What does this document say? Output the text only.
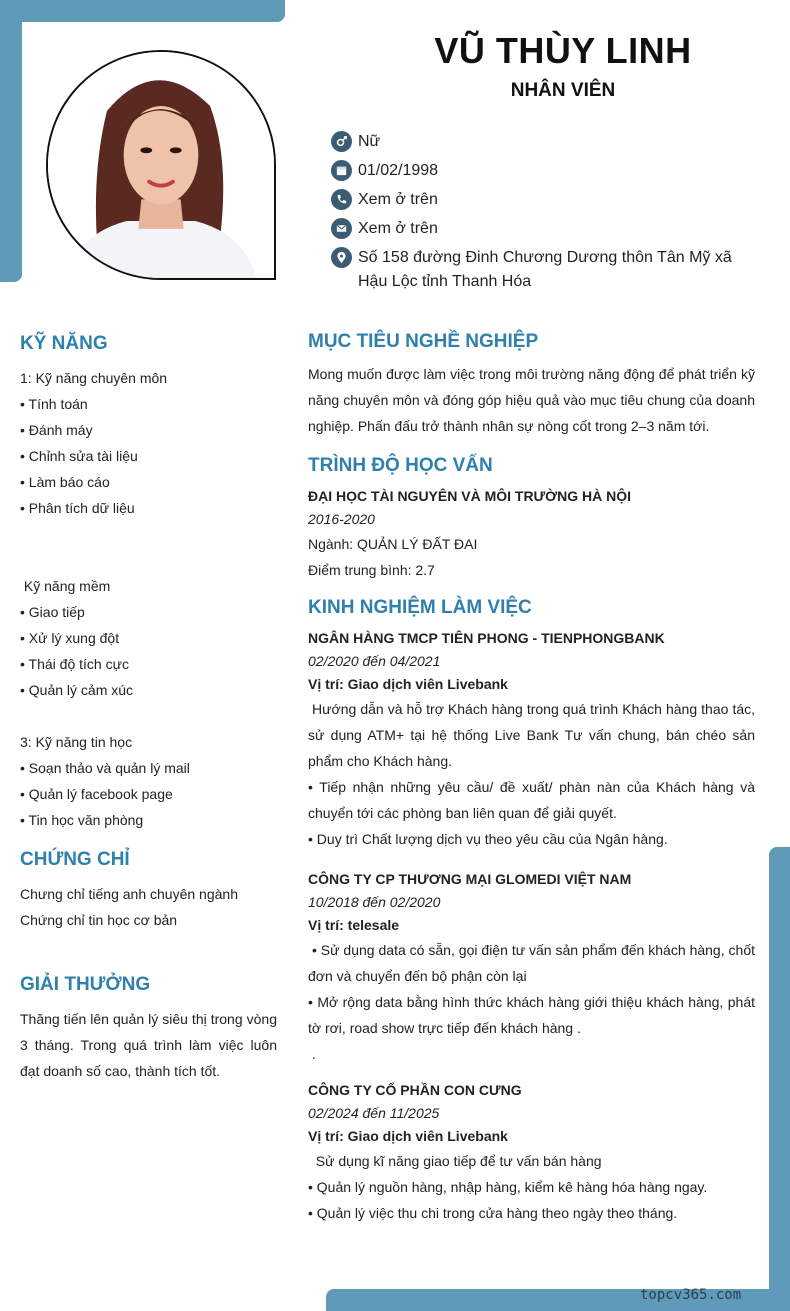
VŨ THÙY LINH
NHÂN VIÊN
Nữ
01/02/1998
Xem ở trên
Xem ở trên
Số 158 đường Đinh Chương Dương thôn Tân Mỹ xã Hậu Lộc tỉnh Thanh Hóa
KỸ NĂNG
1: Kỹ năng chuyên môn
• Tính toán
• Đánh máy
• Chỉnh sửa tài liệu
• Làm báo cáo
• Phân tích dữ liệu
Kỹ năng mềm
• Giao tiếp
• Xử lý xung đột
• Thái độ tích cực
• Quản lý cảm xúc
3: Kỹ năng tin học
• Soạn thảo và quản lý mail
• Quản lý facebook page
• Tin học văn phòng
CHỨNG CHỈ
Chưng chỉ tiếng anh chuyên ngành
Chứng chỉ tin học cơ bản
GIẢI THƯỞNG
Thăng tiến lên quản lý siêu thị trong vòng 3 tháng. Trong quá trình làm việc luôn đạt doanh số cao, thành tích tốt.
MỤC TIÊU NGHỀ NGHIỆP
Mong muốn được làm việc trong môi trường năng động để phát triển kỹ năng chuyên môn và đóng góp hiệu quả vào mục tiêu chung của doanh nghiệp. Phấn đấu trở thành nhân sự nòng cốt trong 2–3 năm tới.
TRÌNH ĐỘ HỌC VẤN
ĐẠI HỌC TÀI NGUYÊN VÀ MÔI TRƯỜNG HÀ NỘI
2016-2020
Ngành: QUẢN LÝ ĐẤT ĐAI
Điểm trung bình: 2.7
KINH NGHIỆM LÀM VIỆC
NGÂN HÀNG TMCP TIÊN PHONG - TIENPHONGBANK
02/2020 đến 04/2021
Vị trí: Giao dịch viên Livebank
Hướng dẫn và hỗ trợ Khách hàng trong quá trình Khách hàng thao tác, sử dụng ATM+ tại hệ thống Live Bank Tư vấn chung, bán chéo sản phẩm cho Khách hàng.
• Tiếp nhận những yêu cầu/ đề xuất/ phàn nàn của Khách hàng và chuyển tới các phòng ban liên quan để giải quyết.
• Duy trì Chất lượng dịch vụ theo yêu cầu của Ngân hàng.
CÔNG TY CP THƯƠNG MẠI GLOMEDI VIỆT NAM
10/2018 đến 02/2020
Vị trí: telesale
• Sử dụng data có sẵn, gọi điện tư vấn sản phẩm đến khách hàng, chốt đơn và chuyển đến bộ phận còn lại
• Mở rộng data bằng hình thức khách hàng giới thiệu khách hàng, phát tờ rơi, road show trực tiếp đến khách hàng .
.
CÔNG TY CỔ PHẦN CON CƯNG
02/2024 đến 11/2025
Vị trí: Giao dịch viên Livebank
Sử dụng kĩ năng giao tiếp để tư vấn bán hàng
• Quản lý nguồn hàng, nhập hàng, kiểm kê hàng hóa hàng ngay.
• Quản lý việc thu chi trong cửa hàng theo ngày theo tháng.
topcv365.com
